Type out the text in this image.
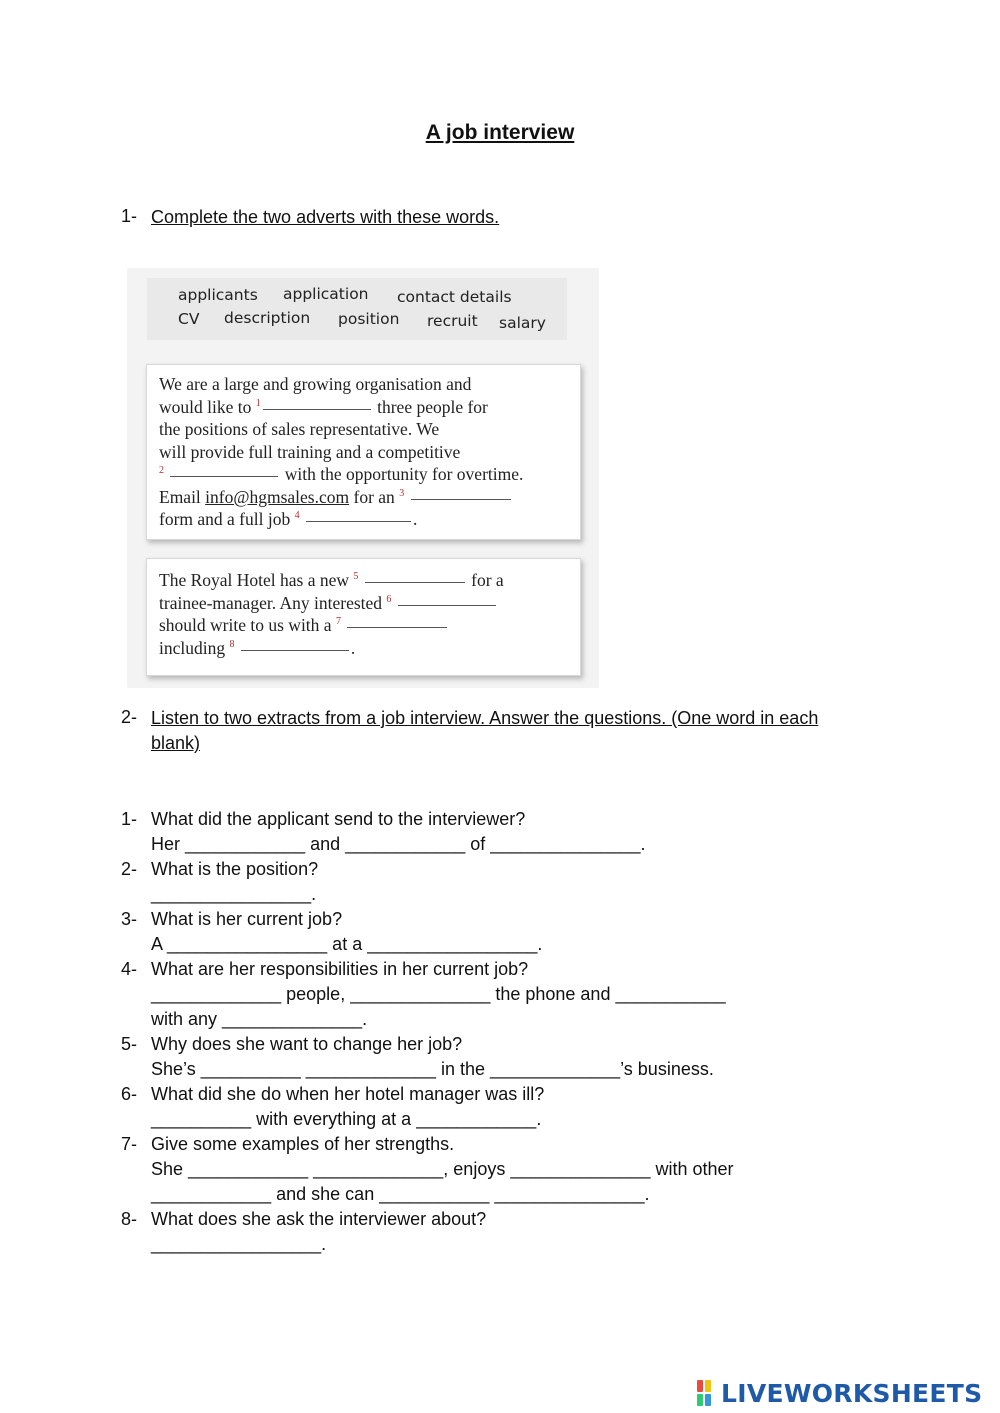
A job interview
1- Complete the two adverts with these words.
applicants application contact details
CV description position recruit salary
We are a large and growing organisation and
would like to $^1$	three people for
the positions of sales representative. We
will provide full training and a competitive
$^2$	with the opportunity for overtime.
Email info@hgmsales.com for an $^3$
form and a full job $^4$	.
The Royal Hotel has a new $^5$	for a
trainee-manager. Any interested $^6$
should write to us with a $^7$
including $^8$	.
2- Listen to two extracts from a job interview. Answer the questions. (One word in each
blank)
1- What did the applicant send to the interviewer?
Her ____________ and ____________ of _______________.
2- What is the position?
________________.
3- What is her current job?
A ________________ at a _________________.
4- What are her responsibilities in her current job?
_____________ people, ______________ the phone and ___________
with any ______________.
5- Why does she want to change her job?
She’s __________ _____________ in the _____________’s business.
6- What did she do when her hotel manager was ill?
__________ with everything at a ____________.
7- Give some examples of her strengths.
She ____________ _____________, enjoys ______________ with other
____________ and she can ___________ _______________.
8- What does she ask the interviewer about?
_________________.
LIVEWORKSHEETS
